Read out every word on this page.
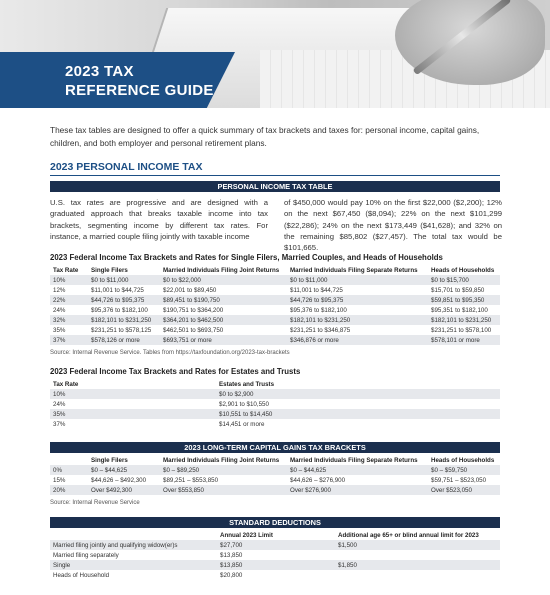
2023 TAX
REFERENCE GUIDE

These tax tables are designed to offer a quick summary of tax brackets and taxes for: personal income, capital gains, children, and both employer and personal retirement plans.

2023 PERSONAL INCOME TAX
PERSONAL INCOME TAX TABLE

U.S. tax rates are progressive and are designed with a graduated approach that breaks taxable income into tax brackets, segmenting income by different tax rates. For instance, a married couple filing jointly with taxable income

of $450,000 would pay 10% on the first $22,000 ($2,200); 12% on the next $67,450 ($8,094); 22% on the next $101,299 ($22,286); 24% on the next $173,449 ($41,628); and 32% on the remaining $85,802 ($27,457). The total tax would be $101,665.

2023 Federal Income Tax Brackets and Rates for Single Filers, Married Couples, and Heads of Households
Tax Rate	Single Filers	Married Individuals Filing Joint Returns	Married Individuals Filing Separate Returns	Heads of Households
10%	$0 to $11,000	$0 to $22,000	$0 to $11,000	$0 to $15,700
12%	$11,001 to $44,725	$22,001 to $89,450	$11,001 to $44,725	$15,701 to $59,850
22%	$44,726 to $95,375	$89,451 to $190,750	$44,726 to $95,375	$59,851 to $95,350
24%	$95,376 to $182,100	$190,751 to $364,200	$95,376 to $182,100	$95,351 to $182,100
32%	$182,101 to $231,250	$364,201 to $462,500	$182,101 to $231,250	$182,101 to $231,250
35%	$231,251 to $578,125	$462,501 to $693,750	$231,251 to $346,875	$231,251 to $578,100
37%	$578,126 or more	$693,751 or more	$346,876 or more	$578,101 or more
Source: Internal Revenue Service. Tables from https://taxfoundation.org/2023-tax-brackets
2023 Federal Income Tax Brackets and Rates for Estates and Trusts
Tax Rate	Estates and Trusts	
10%	$0 to $2,900	
24%	$2,901 to $10,550	
35%	$10,551 to $14,450	
37%	$14,451 or more	
2023 LONG-TERM CAPITAL GAINS TAX BRACKETS
	Single Filers	Married Individuals Filing Joint Returns	Married Individuals Filing Separate Returns	Heads of Households
0%	$0 – $44,625	$0 – $89,250	$0 – $44,625	$0 – $59,750
15%	$44,626 – $492,300	$89,251 – $553,850	$44,626 – $276,900	$59,751 – $523,050
20%	Over $492,300	Over $553,850	Over $276,900	Over $523,050
Source: Internal Revenue Service
STANDARD DEDUCTIONS
	Annual 2023 Limit	Additional age 65+ or blind annual limit for 2023
Married filing jointly and qualifying widow(er)s	$27,700	$1,500
Married filing separately	$13,850	
Single	$13,850	$1,850
Heads of Household	$20,800	
